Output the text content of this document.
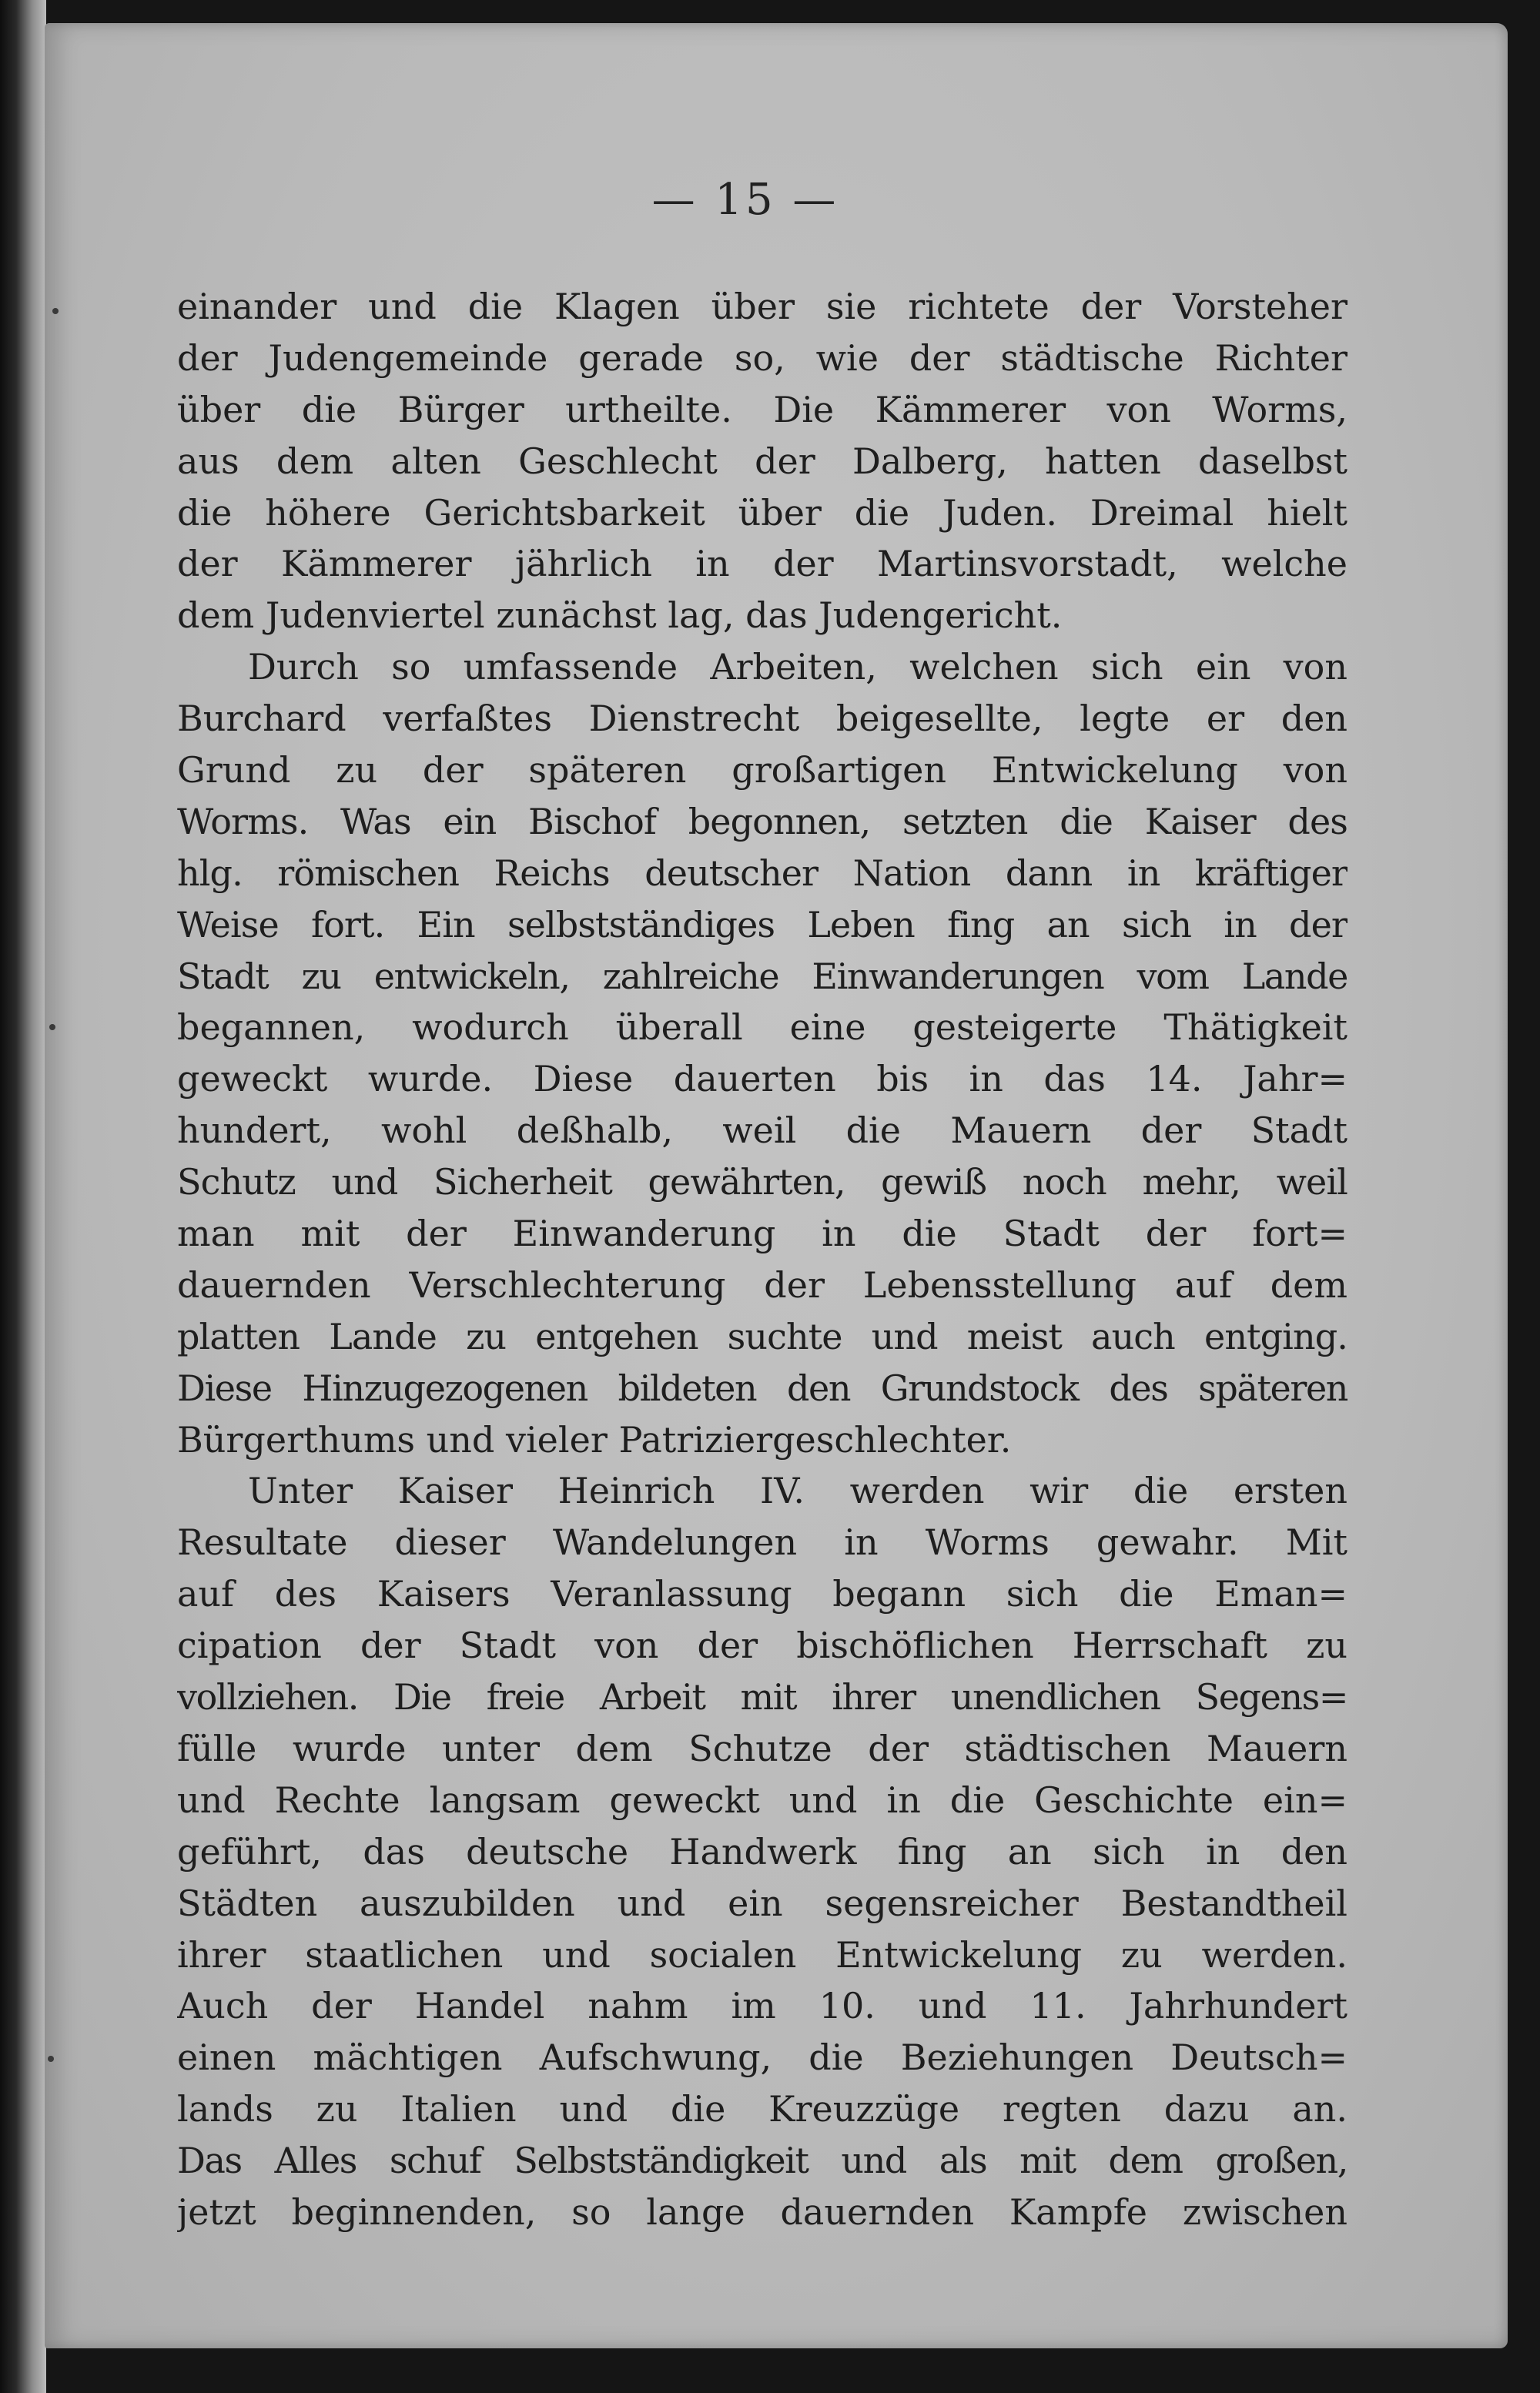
— 15 —
einander und die Klagen über sie richtete der Vorsteher
der Judengemeinde gerade so, wie der städtische Richter
über die Bürger urtheilte. Die Kämmerer von Worms,
aus dem alten Geschlecht der Dalberg, hatten daselbst
die höhere Gerichtsbarkeit über die Juden. Dreimal hielt
der Kämmerer jährlich in der Martinsvorstadt, welche
dem Judenviertel zunächst lag, das Judengericht.
Durch so umfassende Arbeiten, welchen sich ein von
Burchard verfaßtes Dienstrecht beigesellte, legte er den
Grund zu der späteren großartigen Entwickelung von
Worms. Was ein Bischof begonnen, setzten die Kaiser des
hlg. römischen Reichs deutscher Nation dann in kräftiger
Weise fort. Ein selbstständiges Leben fing an sich in der
Stadt zu entwickeln, zahlreiche Einwanderungen vom Lande
begannen, wodurch überall eine gesteigerte Thätigkeit
geweckt wurde. Diese dauerten bis in das 14. Jahr=
hundert, wohl deßhalb, weil die Mauern der Stadt
Schutz und Sicherheit gewährten, gewiß noch mehr, weil
man mit der Einwanderung in die Stadt der fort=
dauernden Verschlechterung der Lebensstellung auf dem
platten Lande zu entgehen suchte und meist auch entging.
Diese Hinzugezogenen bildeten den Grundstock des späteren
Bürgerthums und vieler Patriziergeschlechter.
Unter Kaiser Heinrich IV. werden wir die ersten
Resultate dieser Wandelungen in Worms gewahr. Mit
auf des Kaisers Veranlassung begann sich die Eman=
cipation der Stadt von der bischöflichen Herrschaft zu
vollziehen. Die freie Arbeit mit ihrer unendlichen Segens=
fülle wurde unter dem Schutze der städtischen Mauern
und Rechte langsam geweckt und in die Geschichte ein=
geführt, das deutsche Handwerk fing an sich in den
Städten auszubilden und ein segensreicher Bestandtheil
ihrer staatlichen und socialen Entwickelung zu werden.
Auch der Handel nahm im 10. und 11. Jahrhundert
einen mächtigen Aufschwung, die Beziehungen Deutsch=
lands zu Italien und die Kreuzzüge regten dazu an.
Das Alles schuf Selbstständigkeit und als mit dem großen,
jetzt beginnenden, so lange dauernden Kampfe zwischen
